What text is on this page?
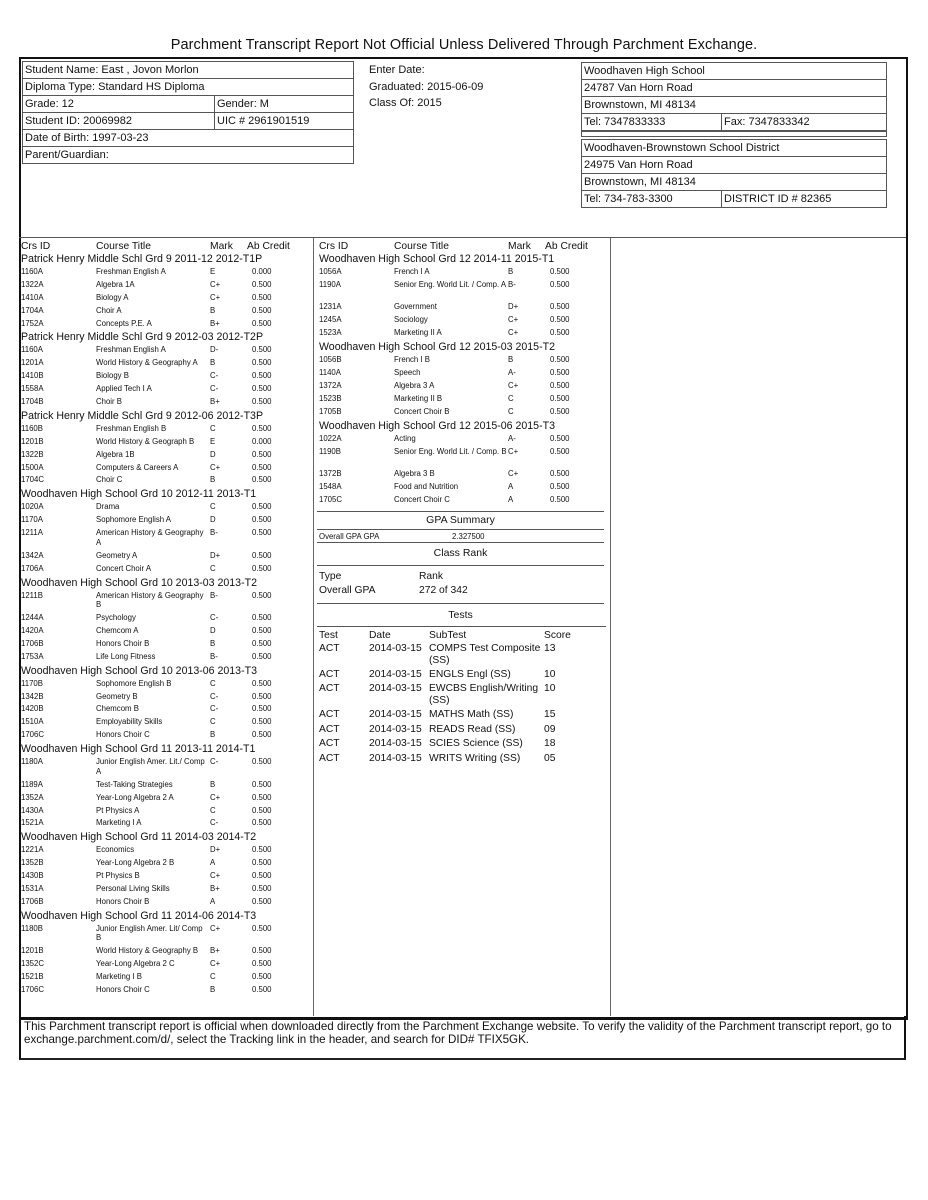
Parchment Transcript Report Not Official Unless Delivered Through Parchment Exchange.
Student Name: East , Jovon Morlon
Diploma Type: Standard HS Diploma
Grade: 12	Gender: M
Student ID: 20069982	UIC # 2961901519
Date of Birth: 1997-03-23
Parent/Guardian:
Enter Date:
Graduated: 2015-06-09
Class Of: 2015
Woodhaven High School
24787 Van Horn Road
Brownstown, MI 48134
Tel: 7347833333	Fax: 7347833342
Woodhaven-Brownstown School District
24975 Van Horn Road
Brownstown, MI 48134
Tel: 734-783-3300	DISTRICT ID # 82365
Crs ID	Course Title	Mark	Ab Credit
Patrick Henry Middle Schl Grd 9 2011-12 2012-T1P
1160A	Freshman English A	E	0.000
1322A	Algebra 1A	C+	0.500
1410A	Biology A	C+	0.500
1704A	Choir A	B	0.500
1752A	Concepts P.E. A	B+	0.500
Patrick Henry Middle Schl Grd 9 2012-03 2012-T2P
1160A	Freshman English A	D-	0.500
1201A	World History & Geography A	B	0.500
1410B	Biology B	C-	0.500
1558A	Applied Tech I A	C-	0.500
1704B	Choir B	B+	0.500
Patrick Henry Middle Schl Grd 9 2012-06 2012-T3P
1160B	Freshman English B	C	0.500
1201B	World History & Geograph B	E	0.000
1322B	Algebra 1B	D	0.500
1500A	Computers & Careers A	C+	0.500
1704C	Choir C	B	0.500
Woodhaven High School Grd 10 2012-11 2013-T1
1020A	Drama	C	0.500
1170A	Sophomore English A	D	0.500
1211A	American History & Geography A
B-	0.500
1342A	Geometry A	D+	0.500
1706A	Concert Choir A	C	0.500
Woodhaven High School Grd 10 2013-03 2013-T2
1211B	American History & Geography B
B-	0.500
1244A	Psychology	C-	0.500
1420A	Chemcom A	D	0.500
1706B	Honors Choir B	B	0.500
1753A	Life Long Fitness	B-	0.500
Woodhaven High School Grd 10 2013-06 2013-T3
1170B	Sophomore English B	C	0.500
1342B	Geometry B	C-	0.500
1420B	Chemcom B	C-	0.500
1510A	Employability Skills	C	0.500
1706C	Honors Choir C	B	0.500
Woodhaven High School Grd 11 2013-11 2014-T1
1180A	Junior English Amer. Lit./ Comp A
C-	0.500
1189A	Test-Taking Strategies	B	0.500
1352A	Year-Long Algebra 2 A	C+	0.500
1430A	Pt Physics A	C	0.500
1521A	Marketing I A	C-	0.500
Woodhaven High School Grd 11 2014-03 2014-T2
1221A	Economics	D+	0.500
1352B	Year-Long Algebra 2 B	A	0.500
1430B	Pt Physics B	C+	0.500
1531A	Personal Living Skills	B+	0.500
1706B	Honors Choir B	A	0.500
Woodhaven High School Grd 11 2014-06 2014-T3
1180B	Junior English Amer. Lit/ Comp B
C+	0.500
1201B	World History & Geography B	B+	0.500
1352C	Year-Long Algebra 2 C	C+	0.500
1521B	Marketing I B	C	0.500
1706C	Honors Choir C	B	0.500
Crs ID	Course Title	Mark	Ab Credit
Woodhaven High School Grd 12 2014-11 2015-T1
1056A	French I A	B	0.500
1190A	Senior Eng. World Lit. / Comp. A B-	0.500
1231A	Government	D+	0.500
1245A	Sociology	C+	0.500
1523A	Marketing II A	C+	0.500
Woodhaven High School Grd 12 2015-03 2015-T2
1056B	French I B	B	0.500
1140A	Speech	A-	0.500
1372A	Algebra 3 A	C+	0.500
1523B	Marketing II B	C	0.500
1705B	Concert Choir B	C	0.500
Woodhaven High School Grd 12 2015-06 2015-T3
1022A	Acting	A-	0.500
1190B	Senior Eng. World Lit. / Comp. B C+	0.500
1372B	Algebra 3 B	C+	0.500
1548A	Food and Nutrition	A	0.500
1705C	Concert Choir C	A	0.500
GPA Summary
Overall GPA GPA	2.327500
Class Rank
Type	Rank
Overall GPA	272 of 342
Tests
Test	Date	SubTest	Score
ACT	2014-03-15 COMPS Test Composite (SS)
13
ACT	2014-03-15 ENGLS Engl (SS)	10
ACT	2014-03-15 EWCBS English/Writing (SS)
10
ACT	2014-03-15 MATHS Math (SS)	15
ACT	2014-03-15 READS Read (SS)	09
ACT	2014-03-15 SCIES Science (SS)	18
ACT	2014-03-15 WRITS Writing (SS)	05
This Parchment transcript report is official when downloaded directly from the Parchment Exchange website. To verify the validity of the Parchment transcript report, go to exchange.parchment.com/d/, select the Tracking link in the header, and search for DID# TFIX5GK.
